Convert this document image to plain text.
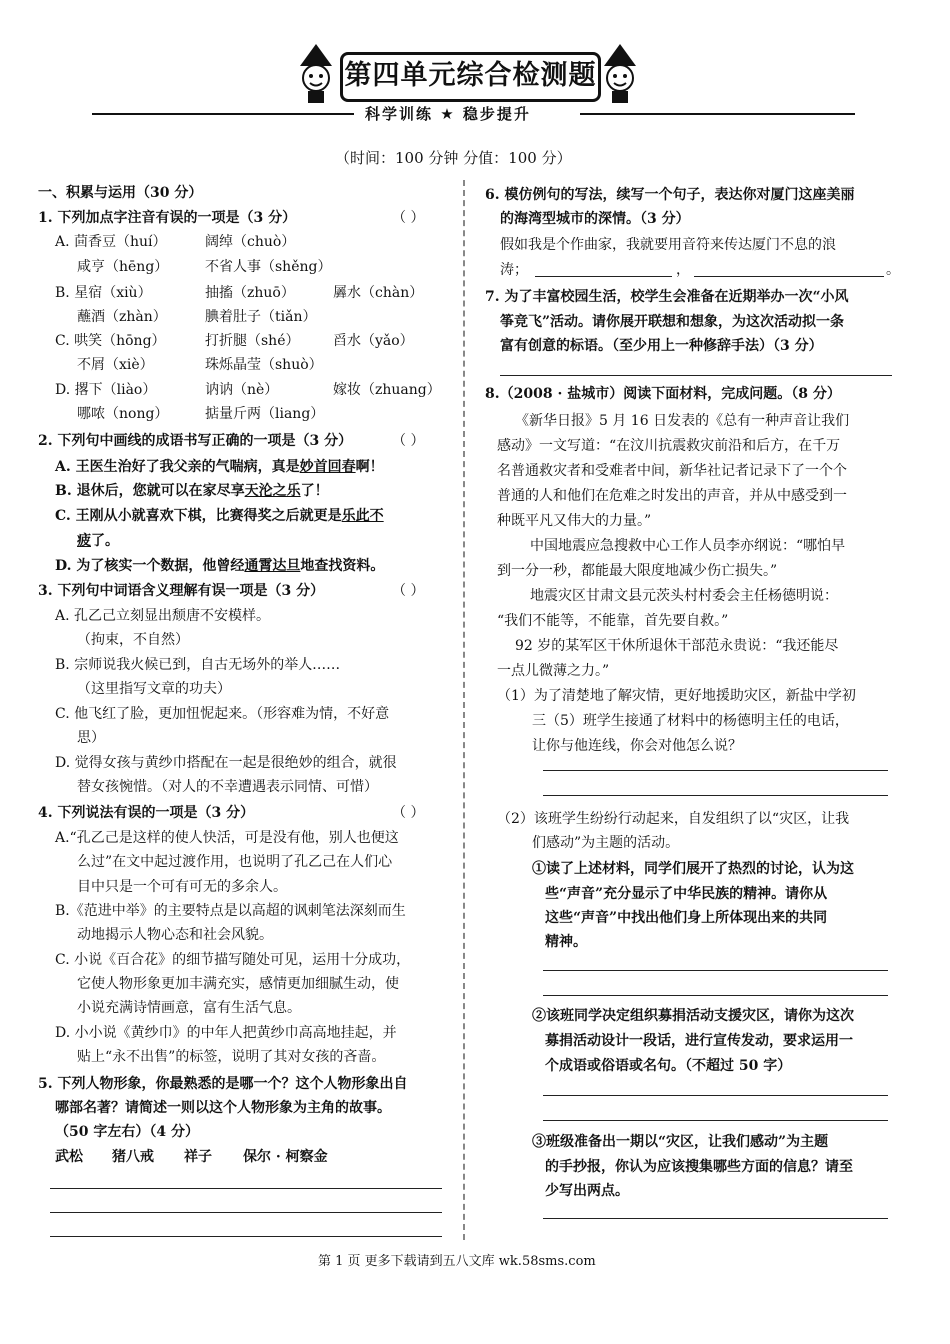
第四单元综合检测题
科学训练 ★ 稳步提升
（时间：100 分钟 分值：100 分）
一、积累与运用（30 分）
1. 下列加点字注音有误的一项是（3 分）	（ ）
A. 茴香豆（huí）	阔绰（chuò）
咸亨（hēng）	不省人事（shěng）
B. 星宿（xiù）	抽搐（zhuō）	羼水（chàn）
蘸酒（zhàn）	腆着肚子（tiǎn）
C. 哄笑（hōng）	打折腿（shé） 舀水（yǎo）
不屑（xiè）	珠烁晶莹（shuò）
D. 撂下（liào）	讷讷（nè）	嫁妆（zhuang）
哪哝（nong）	掂量斤两（liang）
2. 下列句中画线的成语书写正确的一项是（3 分）	（ ）
A. 王医生治好了我父亲的气喘病，真是妙首回春啊！
B. 退休后，您就可以在家尽享天沦之乐了！
C. 王刚从小就喜欢下棋，比赛得奖之后就更是乐此不
疲了。
D. 为了核实一个数据，他曾经通霄达旦地查找资料。
3. 下列句中词语含义理解有误一项是（3 分）	（ ）
A. 孔乙己立刻显出颓唐不安模样。
（拘束，不自然）
B. 宗师说我火候已到，自古无场外的举人……
（这里指写文章的功夫）
C. 他飞红了脸，更加忸怩起来。（形容难为情，不好意
思）
D. 觉得女孩与黄纱巾搭配在一起是很绝妙的组合，就很
替女孩惋惜。（对人的不幸遭遇表示同情、可惜）
4. 下列说法有误的一项是（3 分）	（ ）
A.“孔乙己是这样的使人快活，可是没有他，别人也便这
么过”在文中起过渡作用，也说明了孔乙己在人们心
目中只是一个可有可无的多余人。
B.《范进中举》的主要特点是以高超的讽刺笔法深刻而生
动地揭示人物心态和社会风貌。
C. 小说《百合花》的细节描写随处可见，运用十分成功，
它使人物形象更加丰满充实，感情更加细腻生动，使
小说充满诗情画意，富有生活气息。
D. 小小说《黄纱巾》的中年人把黄纱巾高高地挂起，并
贴上“永不出售”的标签，说明了其对女孩的吝啬。
5. 下列人物形象，你最熟悉的是哪一个？这个人物形象出自
哪部名著？请简述一则以这个人物形象为主角的故事。
（50 字左右）（4 分）
武松 猪八戒 祥子 保尔 · 柯察金
6. 模仿例句的写法，续写一个句子，表达你对厦门这座美丽
的海湾型城市的深情。（3 分）
假如我是个作曲家，我就要用音符来传达厦门不息的浪
涛；	，	。
7. 为了丰富校园生活，校学生会准备在近期举办一次“小风
筝竞飞”活动。请你展开联想和想象，为这次活动拟一条
富有创意的标语。（至少用上一种修辞手法）（3 分）
8.（2008 · 盐城市）阅读下面材料，完成问题。（8 分）
《新华日报》5 月 16 日发表的《总有一种声音让我们
感动》一文写道：“在汶川抗震救灾前沿和后方，在千万
名普通救灾者和受难者中间，新华社记者记录下了一个个
普通的人和他们在危难之时发出的声音，并从中感受到一
种既平凡又伟大的力量。”
中国地震应急搜救中心工作人员李亦纲说：“哪怕早
到一分一秒，都能最大限度地减少伤亡损失。”
地震灾区甘肃文县元茨头村村委会主任杨德明说：
“我们不能等，不能靠，首先要自救。”
92 岁的某军区干休所退休干部范永贵说：“我还能尽
一点儿微薄之力。”
（1）为了清楚地了解灾情，更好地援助灾区，新盐中学初
三（5）班学生接通了材料中的杨德明主任的电话，
让你与他连线，你会对他怎么说？
（2）该班学生纷纷行动起来，自发组织了以“灾区，让我
们感动”为主题的活动。
①读了上述材料，同学们展开了热烈的讨论，认为这
些“声音”充分显示了中华民族的精神。请你从
这些“声音”中找出他们身上所体现出来的共同
精神。
②该班同学决定组织募捐活动支援灾区，请你为这次
募捐活动设计一段话，进行宣传发动，要求运用一
个成语或俗语或名句。（不超过 50 字）
③班级准备出一期以“灾区，让我们感动”为主题
的手抄报，你认为应该搜集哪些方面的信息？请至
少写出两点。
第 1 页 更多下载请到五八文库 wk.58sms.com
